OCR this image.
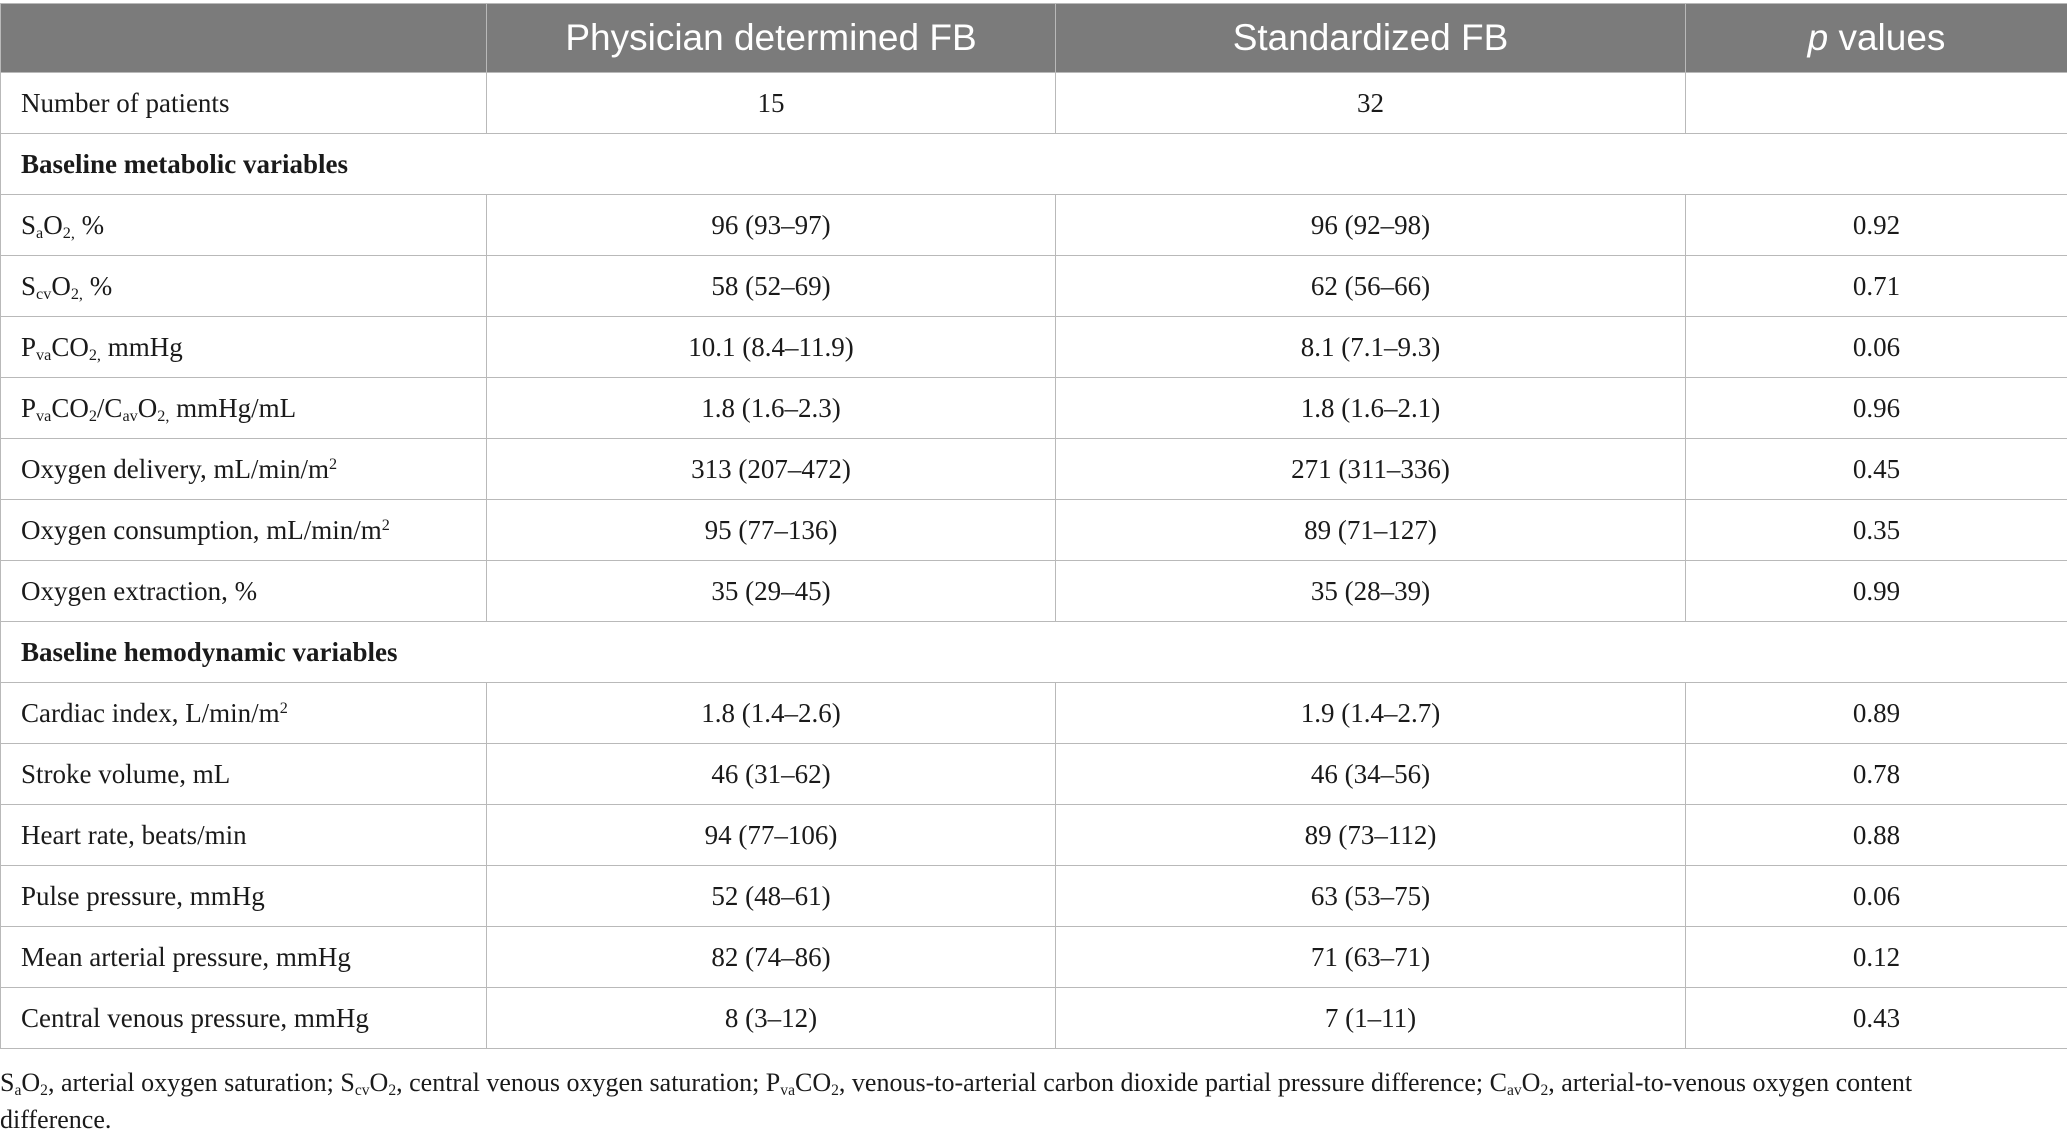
	Physician determined FB	Standardized FB	p values
Number of patients	15	32	
Baseline metabolic variables			
$S_aO_{2,}$ %	96 (93–97)	96 (92–98)	0.92
$S_{cv}O_{2,}$ %	58 (52–69)	62 (56–66)	0.71
$P_{va}CO_{2,}$ mmHg	10.1 (8.4–11.9)	8.1 (7.1–9.3)	0.06
$P_{va}CO_2/C_{av}O_{2,}$ mmHg/mL	1.8 (1.6–2.3)	1.8 (1.6–2.1)	0.96
Oxygen delivery, $mL/\min/m^2$	313 (207–472)	271 (311–336)	0.45
Oxygen consumption, $mL/\min/m^2$	95 (77–136)	89 (71–127)	0.35
Oxygen extraction, %	35 (29–45)	35 (28–39)	0.99
Baseline hemodynamic variables			
Cardiac index, $L/\min/m^2$	1.8 (1.4–2.6)	1.9 (1.4–2.7)	0.89
Stroke volume, mL	46 (31–62)	46 (34–56)	0.78
Heart rate, beats/min	94 (77–106)	89 (73–112)	0.88
Pulse pressure, mmHg	52 (48–61)	63 (53–75)	0.06
Mean arterial pressure, mmHg	82 (74–86)	71 (63–71)	0.12
Central venous pressure, mmHg	8 (3–12)	7 (1–11)	0.43
$S_aO_2$, arterial oxygen saturation; $S_{cv}O_2$, central venous oxygen saturation; $P_{va}CO_2$, venous-to-arterial carbon dioxide partial pressure difference; $C_{av}O_2$, arterial-to-venous oxygen content difference.
